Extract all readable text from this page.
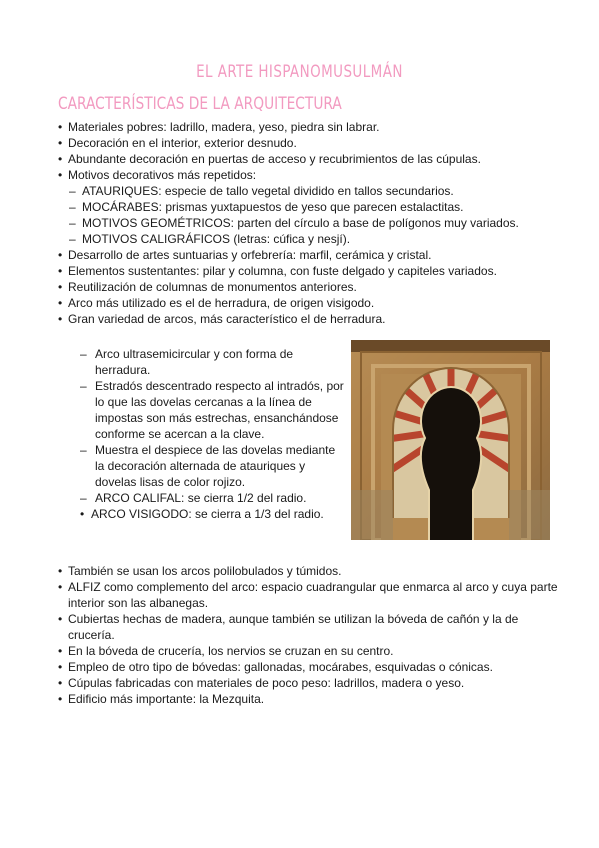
EL ARTE HISPANOMUSULMÁN
CARACTERÍSTICAS DE LA ARQUITECTURA
• Materiales pobres: ladrillo, madera, yeso, piedra sin labrar.
• Decoración en el interior, exterior desnudo.
• Abundante decoración en puertas de acceso y recubrimientos de las cúpulas.
• Motivos decorativos más repetidos:
– ATAURIQUES: especie de tallo vegetal dividido en tallos secundarios.
– MOCÁRABES: prismas yuxtapuestos de yeso que parecen estalactitas.
– MOTIVOS GEOMÉTRICOS: parten del círculo a base de polígonos muy variados.
– MOTIVOS CALIGRÁFICOS (letras: cúfica y nesjí).
• Desarrollo de artes suntuarias y orfebrería: marfil, cerámica y cristal.
• Elementos sustentantes: pilar y columna, con fuste delgado y capiteles variados.
• Reutilización de columnas de monumentos anteriores.
• Arco más utilizado es el de herradura, de origen visigodo.
• Gran variedad de arcos, más característico el de herradura.
– Arco ultrasemicircular y con forma de herradura.
– Estradós descentrado respecto al intradós, por lo que las dovelas cercanas a la línea de impostas son más estrechas, ensanchándose conforme se acercan a la clave.
– Muestra el despiece de las dovelas mediante la decoración alternada de atauriques y dovelas lisas de color rojizo.
– ARCO CALIFAL: se cierra 1/2 del radio.
• ARCO VISIGODO: se cierra a 1/3 del radio.
• También se usan los arcos polilobulados y túmidos.
• ALFIZ como complemento del arco: espacio cuadrangular que enmarca al arco y cuya parte interior son las albanegas.
• Cubiertas hechas de madera, aunque también se utilizan la bóveda de cañón y la de crucería.
• En la bóveda de crucería, los nervios se cruzan en su centro.
• Empleo de otro tipo de bóvedas: gallonadas, mocárabes, esquivadas o cónicas.
• Cúpulas fabricadas con materiales de poco peso: ladrillos, madera o yeso.
• Edificio más importante: la Mezquita.
